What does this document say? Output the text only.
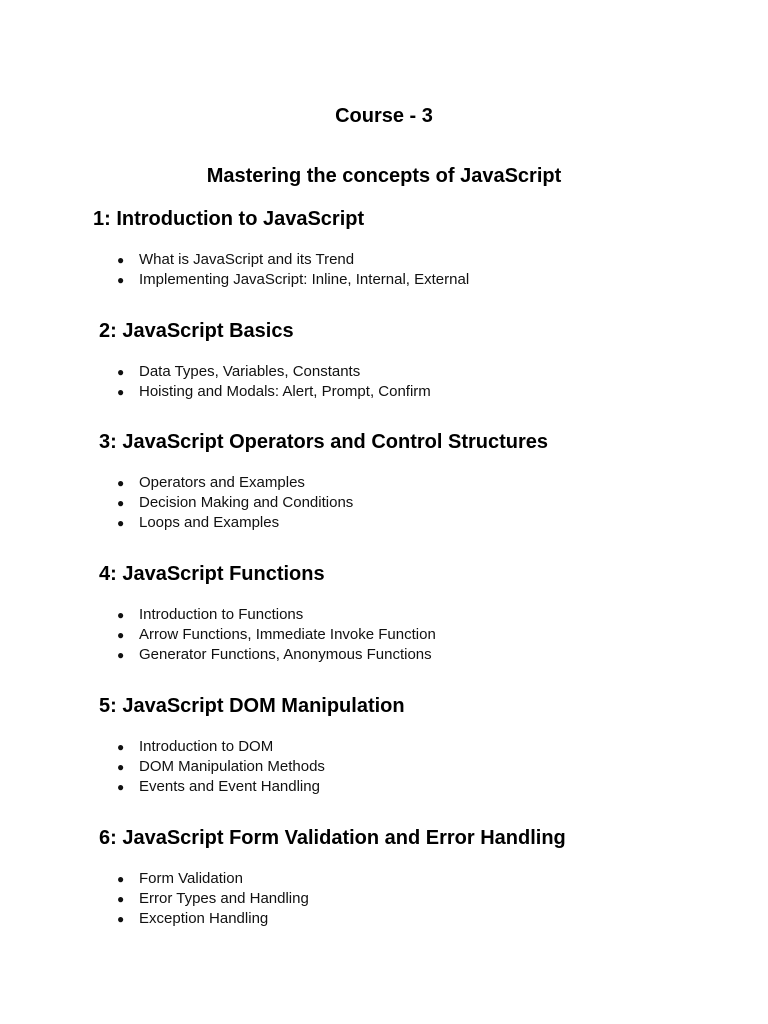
Course - 3
Mastering the concepts of JavaScript
1: Introduction to JavaScript
● What is JavaScript and its Trend
● Implementing JavaScript: Inline, Internal, External
2: JavaScript Basics
● Data Types, Variables, Constants
● Hoisting and Modals: Alert, Prompt, Confirm
3: JavaScript Operators and Control Structures
● Operators and Examples
● Decision Making and Conditions
● Loops and Examples
4: JavaScript Functions
● Introduction to Functions
● Arrow Functions, Immediate Invoke Function
● Generator Functions, Anonymous Functions
5: JavaScript DOM Manipulation
● Introduction to DOM
● DOM Manipulation Methods
● Events and Event Handling
6: JavaScript Form Validation and Error Handling
● Form Validation
● Error Types and Handling
● Exception Handling
